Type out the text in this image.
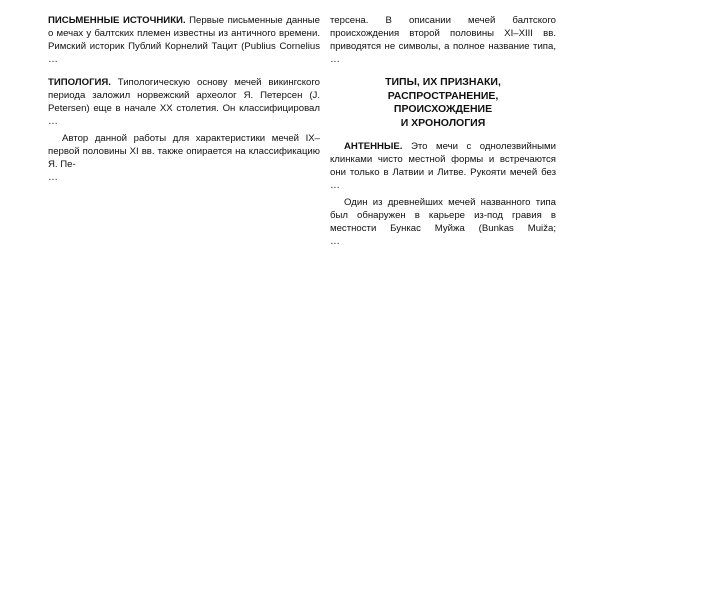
ПИСЬМЕННЫЕ ИСТОЧНИКИ. Первые письменные данные о мечах у балтских племен известны из античного времени. Римский историк Публий Корнелий Тацит (Publius Cornelius

…

ТИПОЛОГИЯ. Типологическую основу мечей викингского периода заложил норвежский археолог Я. Петерсен (J. Petersen) еще в начале XX столетия. Он классифицировал

…

Автор данной работы для характеристики мечей IX–первой половины XI вв. также опирается на классификацию Я. Пе-

…

терсена. В описании мечей балтского происхождения второй половины XI–XIII вв. приводятся не символы, а полное название типа,

…
ТИПЫ, ИХ ПРИЗНАКИ,
РАСПРОСТРАНЕНИЕ,
ПРОИСХОЖДЕНИЕ
И ХРОНОЛОГИЯ

АНТЕННЫЕ. Это мечи с однолезвийными клинками чисто местной формы и встречаются они только в Латвии и Литве. Рукояти мечей без

…

Один из древнейших мечей названного типа был обнаружен в карьере из-под гравия в местности Бункас Муйжа (Bunkas Muiža;

…
